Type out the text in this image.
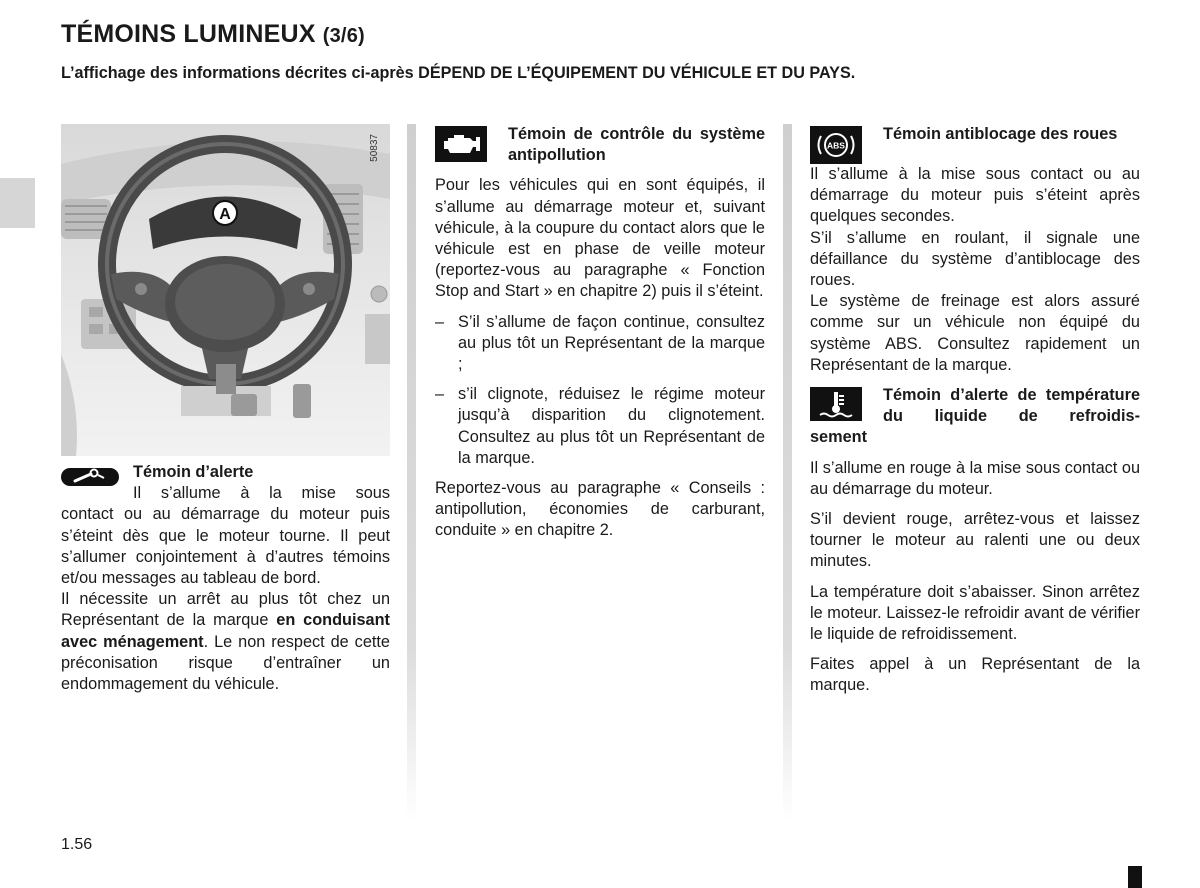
TÉMOINS LUMINEUX (3/6)
L’affichage des informations décrites ci-après DÉPEND DE L’ÉQUIPEMENT DU VÉHICULE ET DU PAYS.
A
50837
Témoin d’alerte
Il s’allume à la mise sous

contact ou au démarrage du moteur puis s’éteint dès que le moteur tourne. Il peut s’allumer conjointement à d’autres témoins et/ou messages au tableau de bord.

Il nécessite un arrêt au plus tôt chez un Représentant de la marque en conduisant avec ménagement. Le non respect de cette préconisation risque d’entraîner un endommagement du véhicule.

Témoin de contrôle du système antipollution

Pour les véhicules qui en sont équipés, il s’allume au démarrage moteur et, suivant véhicule, à la coupure du contact alors que le véhicule est en phase de veille moteur (reportez-vous au paragraphe « Fonction Stop and Start » en chapitre 2) puis il s’éteint.

– S’il s’allume de façon continue, consultez au plus tôt un Représentant de la marque ;
– s’il clignote, réduisez le régime moteur jusqu’à disparition du clignotement. Consultez au plus tôt un Représentant de la marque.

Reportez-vous au paragraphe « Conseils : antipollution, économies de carburant, conduite » en chapitre 2.

ABS
Témoin antiblocage des roues

Il s’allume à la mise sous contact ou au démarrage du moteur puis s’éteint après quelques secondes.

S’il s’allume en roulant, il signale une défaillance du système d’antiblocage des roues.

Le système de freinage est alors assuré comme sur un véhicule non équipé du système ABS. Consultez rapidement un Représentant de la marque.

Témoin d’alerte de température du liquide de refroidis-
sement

Il s’allume en rouge à la mise sous contact ou au démarrage du moteur.

S’il devient rouge, arrêtez-vous et laissez tourner le moteur au ralenti une ou deux minutes.

La température doit s’abaisser. Sinon arrêtez le moteur. Laissez-le refroidir avant de vérifier le liquide de refroidissement.

Faites appel à un Représentant de la marque.

1.56
